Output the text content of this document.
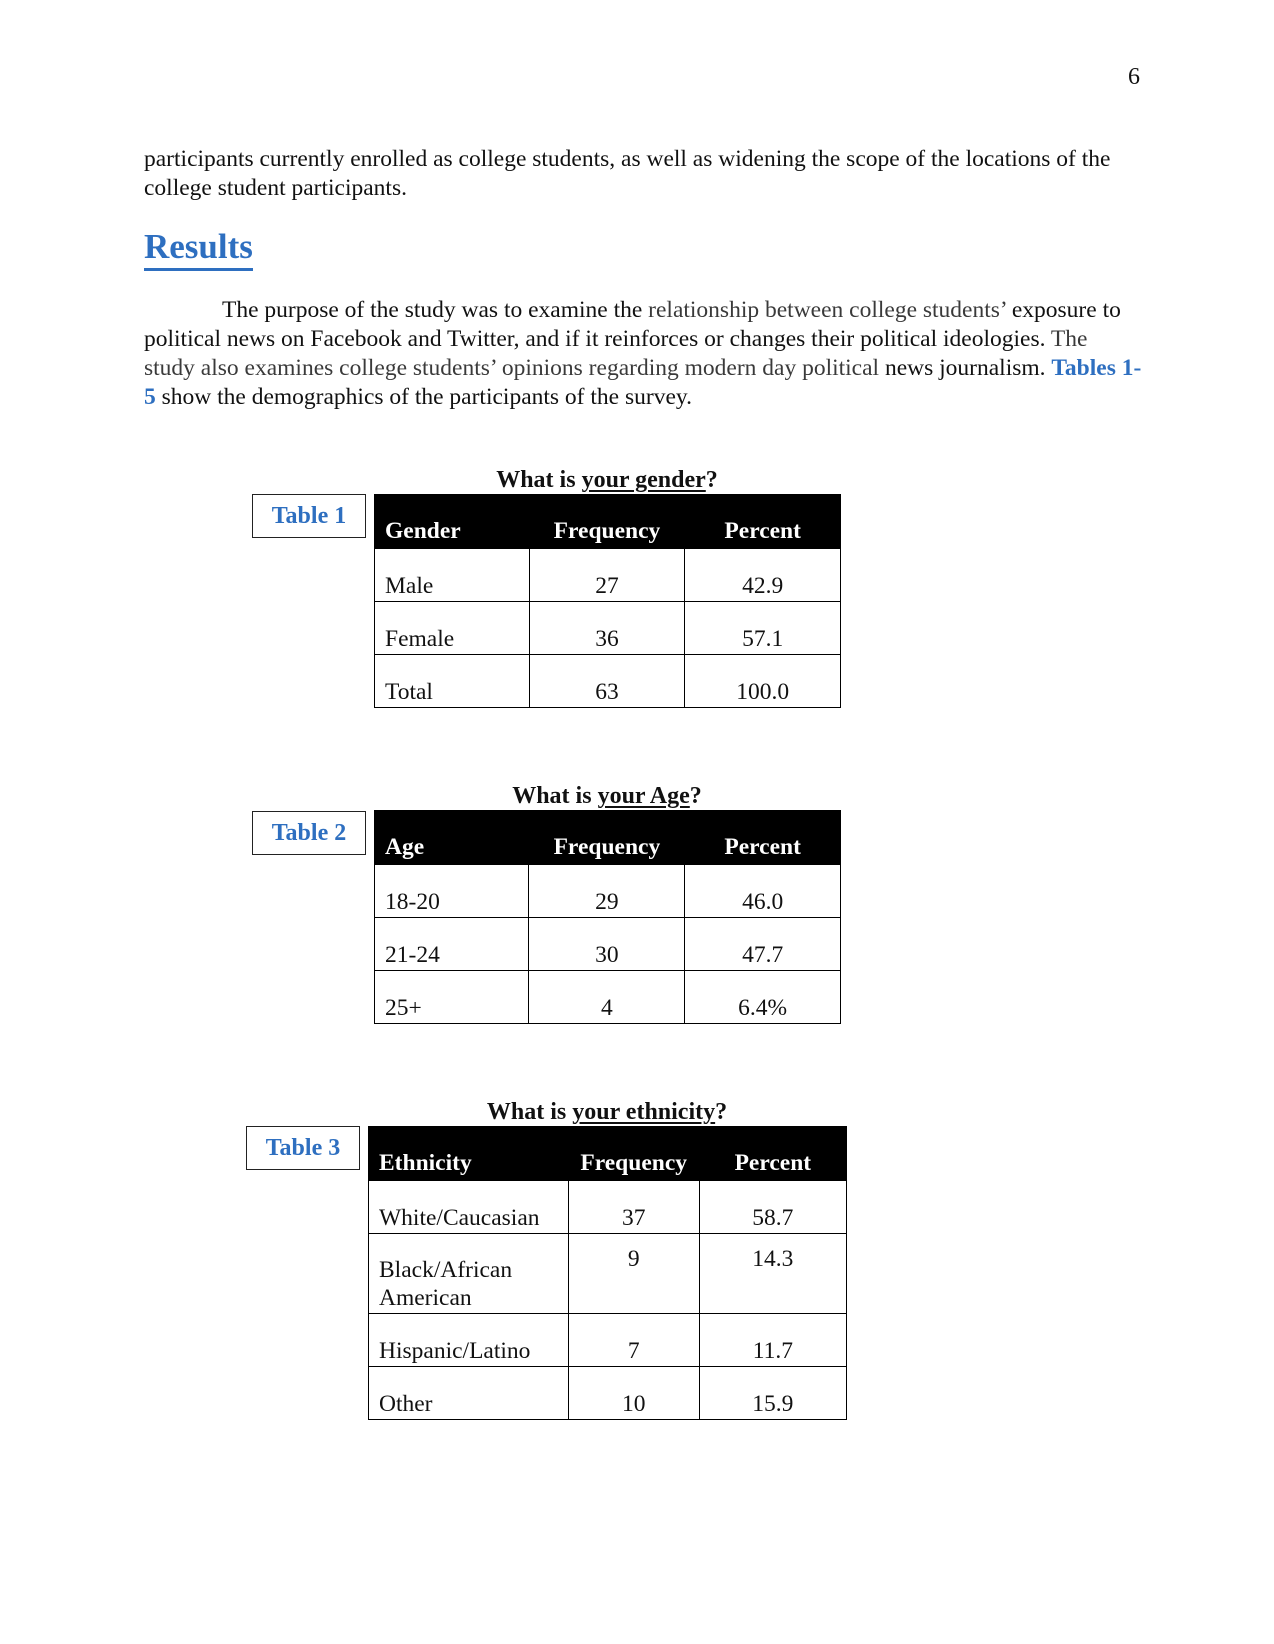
6

participants currently enrolled as college students, as well as widening the scope of the locations of the college student participants.

Results

The purpose of the study was to examine the relationship between college students’ exposure to political news on Facebook and Twitter, and if it reinforces or changes their political ideologies. The study also examines college students’ opinions regarding modern day political news journalism. Tables 1-5 show the demographics of the participants of the survey.

Table 1
What is your gender?
Gender	Frequency	Percent
Male	27	42.9
Female	36	57.1
Total	63	100.0
Table 2
What is your Age?
Age	Frequency	Percent
18-20	29	46.0
21-24	30	47.7
25+	4	6.4%
Table 3
What is your ethnicity?
Ethnicity	Frequency	Percent
White/Caucasian	37	58.7
Black/African American	9	14.3
Hispanic/Latino	7	11.7
Other	10	15.9
